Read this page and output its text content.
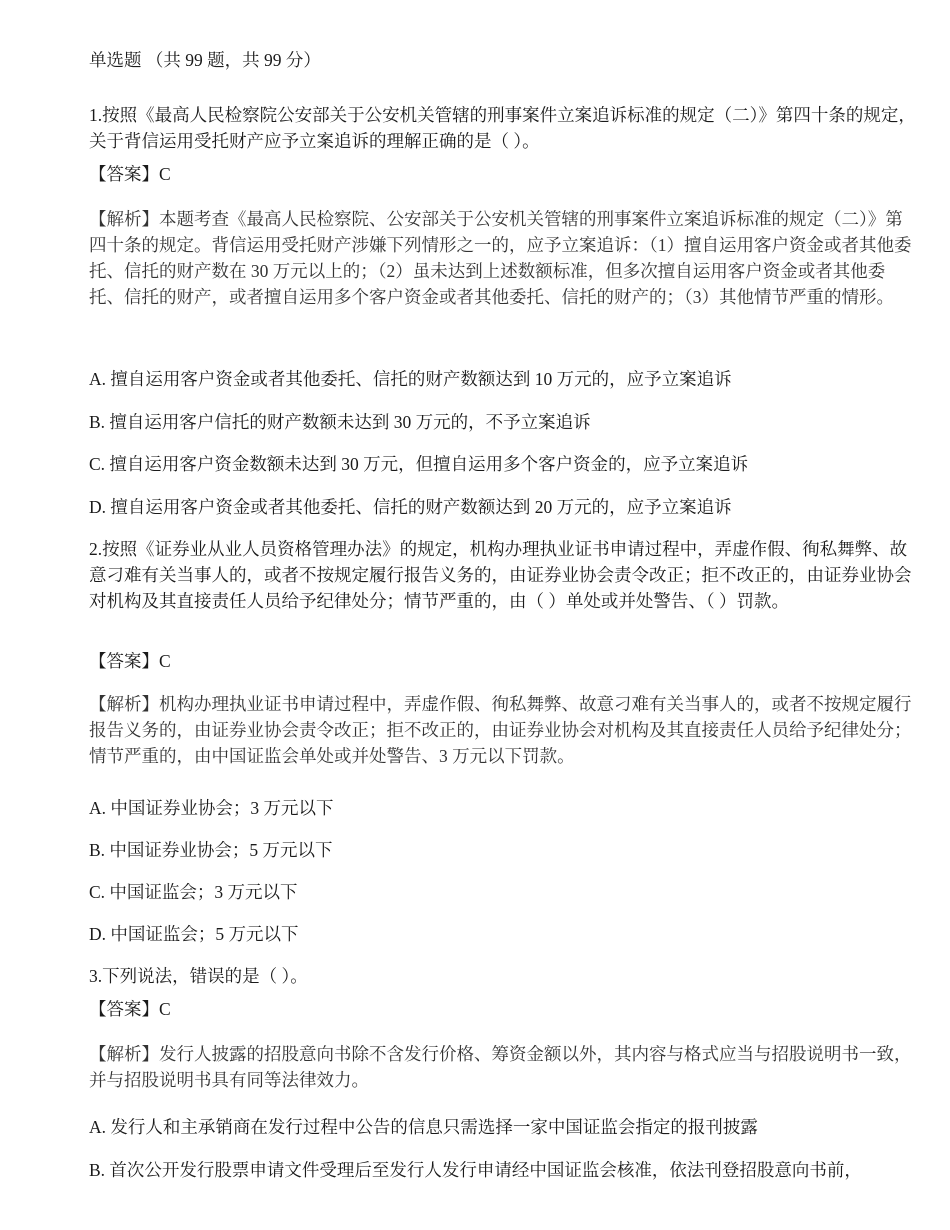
单选题 （共 99 题，共 99 分）
1.按照《最高人民检察院公安部关于公安机关管辖的刑事案件立案追诉标准的规定（二）》第四十条的规定，关于背信运用受托财产应予立案追诉的理解正确的是（ ）。
【答案】C
【解析】本题考查《最高人民检察院、公安部关于公安机关管辖的刑事案件立案追诉标准的规定（二）》第四十条的规定。背信运用受托财产涉嫌下列情形之一的，应予立案追诉：（1）擅自运用客户资金或者其他委托、信托的财产数在 30 万元以上的；（2）虽未达到上述数额标准，但多次擅自运用客户资金或者其他委托、信托的财产，或者擅自运用多个客户资金或者其他委托、信托的财产的；（3）其他情节严重的情形。
A. 擅自运用客户资金或者其他委托、信托的财产数额达到 10 万元的，应予立案追诉
B. 擅自运用客户信托的财产数额未达到 30 万元的，不予立案追诉
C. 擅自运用客户资金数额未达到 30 万元，但擅自运用多个客户资金的，应予立案追诉
D. 擅自运用客户资金或者其他委托、信托的财产数额达到 20 万元的，应予立案追诉
2.按照《证券业从业人员资格管理办法》的规定，机构办理执业证书申请过程中，弄虚作假、徇私舞弊、故意刁难有关当事人的，或者不按规定履行报告义务的，由证券业协会责令改正；拒不改正的，由证券业协会对机构及其直接责任人员给予纪律处分；情节严重的，由（ ）单处或并处警告、（ ）罚款。
【答案】C
【解析】机构办理执业证书申请过程中，弄虚作假、徇私舞弊、故意刁难有关当事人的，或者不按规定履行报告义务的，由证券业协会责令改正；拒不改正的，由证券业协会对机构及其直接责任人员给予纪律处分；情节严重的，由中国证监会单处或并处警告、3 万元以下罚款。
A. 中国证券业协会；3 万元以下
B. 中国证券业协会；5 万元以下
C. 中国证监会；3 万元以下
D. 中国证监会；5 万元以下
3.下列说法，错误的是（ ）。
【答案】C
【解析】发行人披露的招股意向书除不含发行价格、筹资金额以外，其内容与格式应当与招股说明书一致，并与招股说明书具有同等法律效力。
A. 发行人和主承销商在发行过程中公告的信息只需选择一家中国证监会指定的报刊披露
B. 首次公开发行股票申请文件受理后至发行人发行申请经中国证监会核准，依法刊登招股意向书前，
